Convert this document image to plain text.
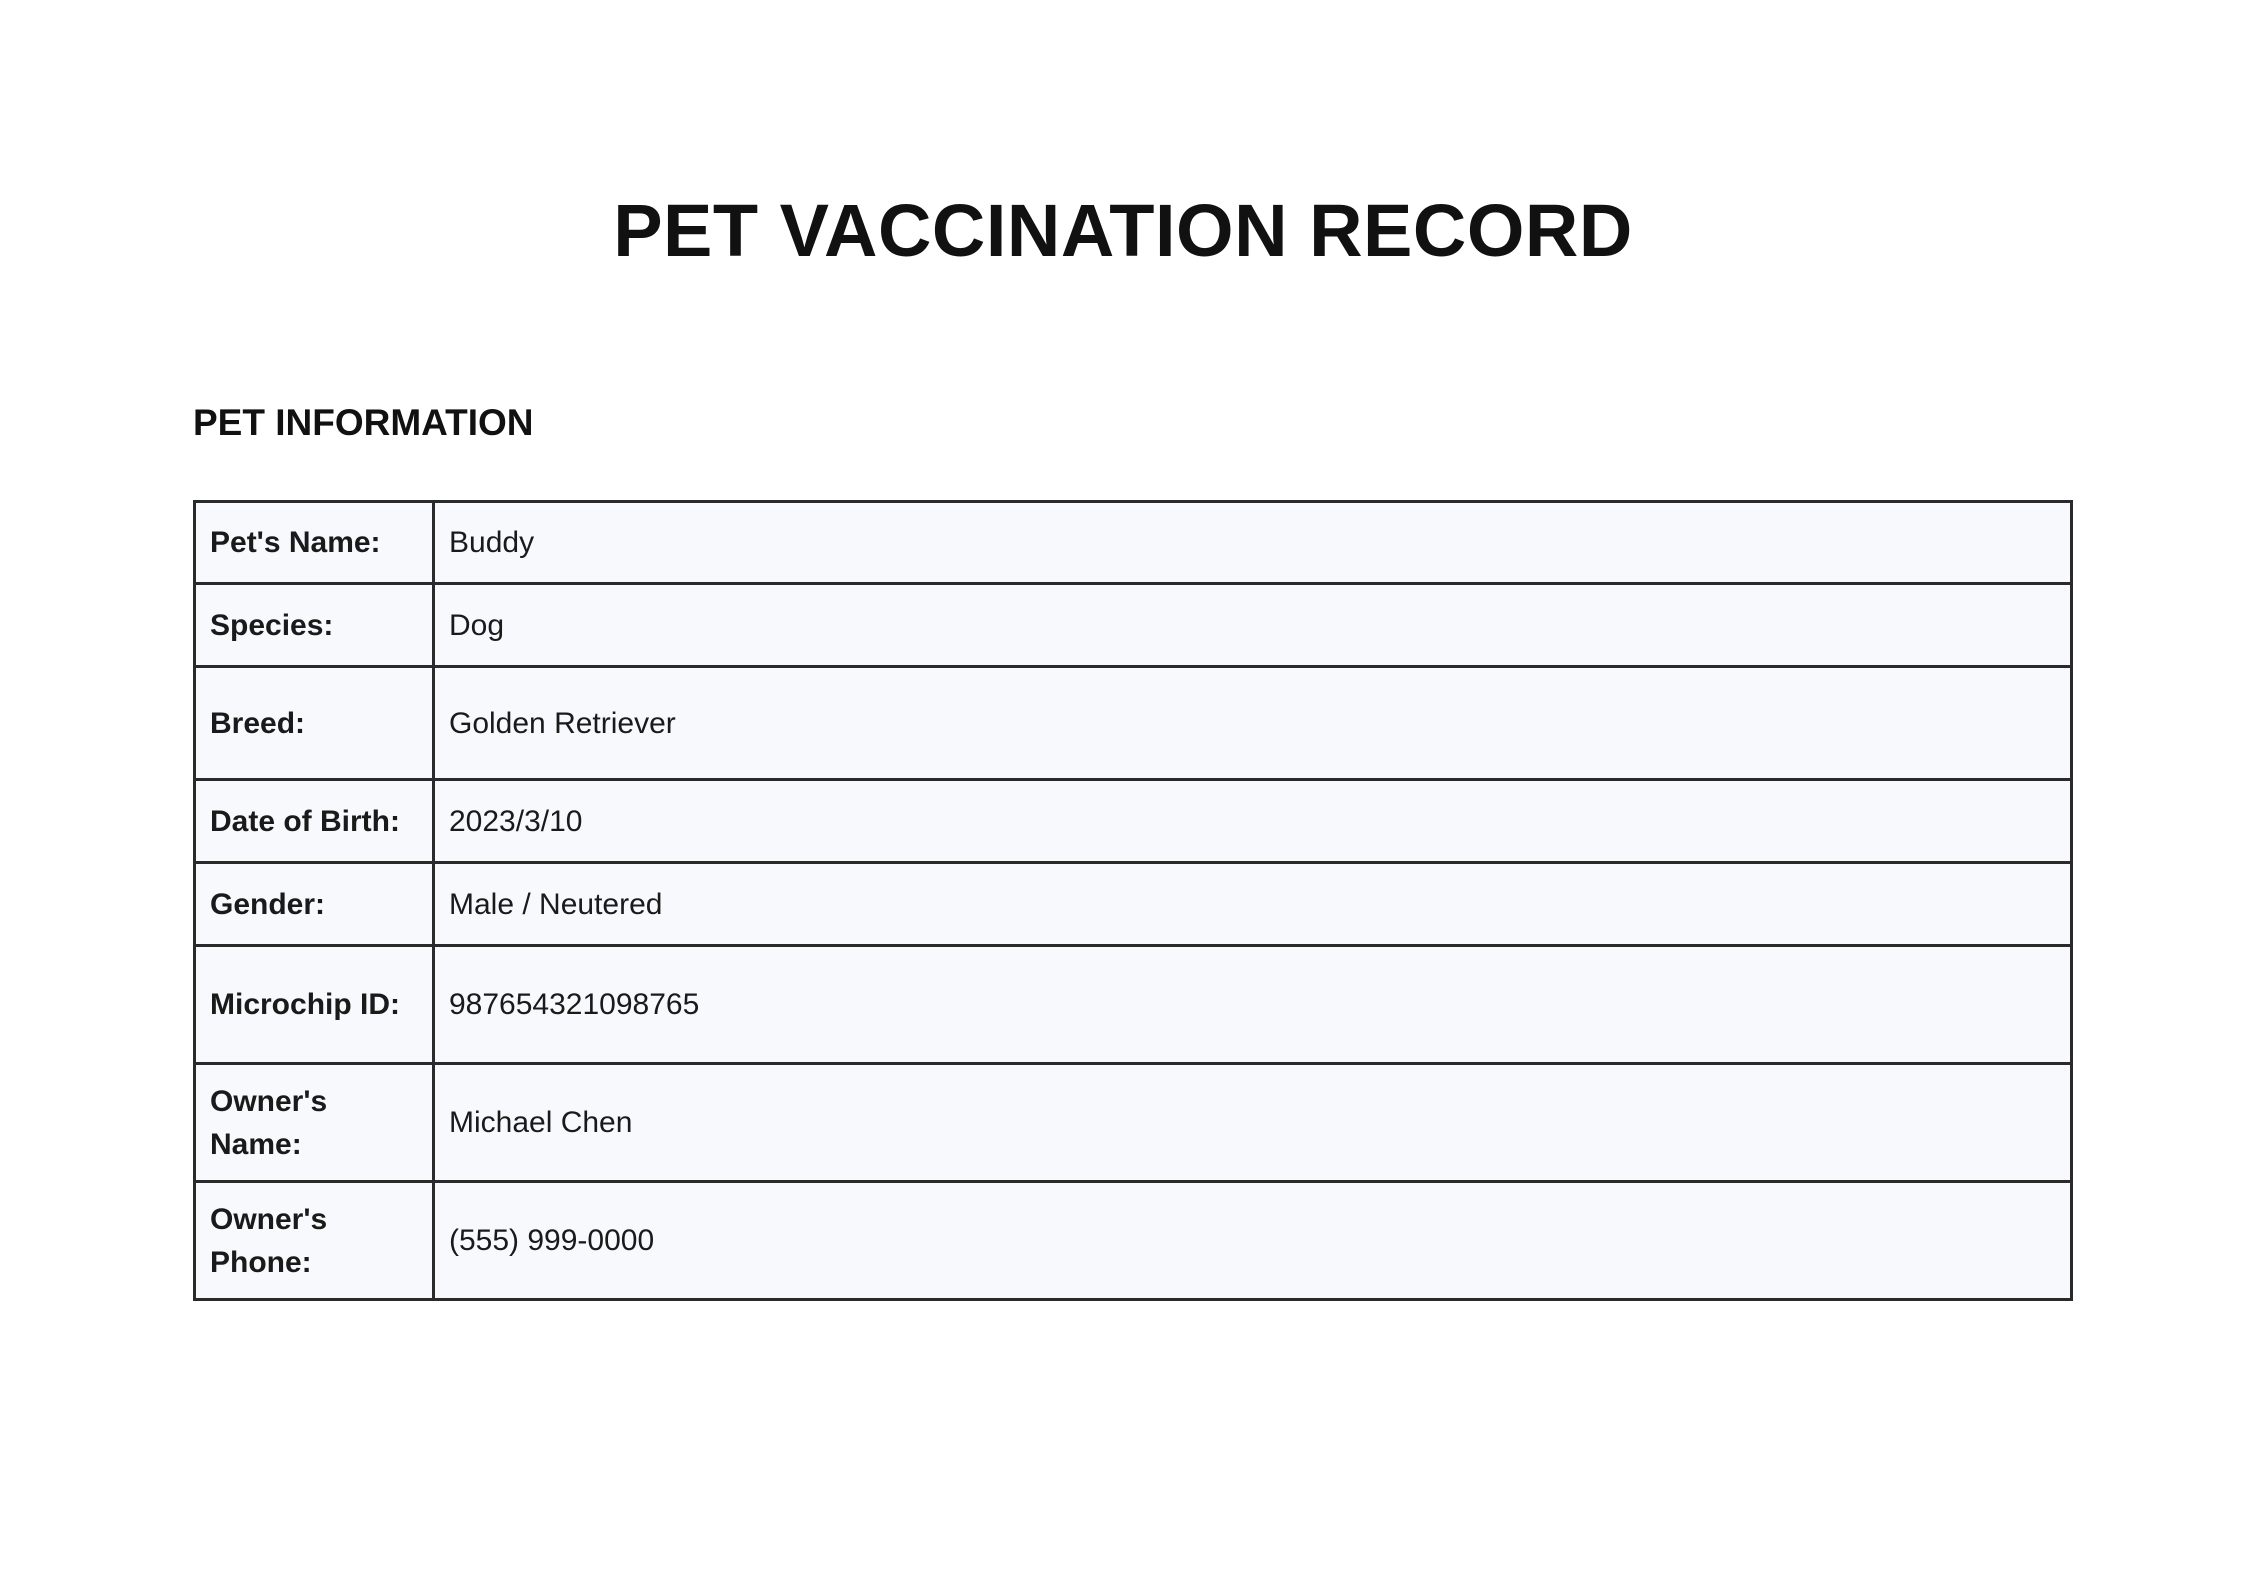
PET VACCINATION RECORD
PET INFORMATION
Pet's Name:	Buddy
Species:	Dog
Breed:	Golden Retriever
Date of Birth:	2023/3/10
Gender:	Male / Neutered
Microchip ID:	987654321098765
Owner's Name:	Michael Chen
Owner's Phone:	(555) 999-0000
